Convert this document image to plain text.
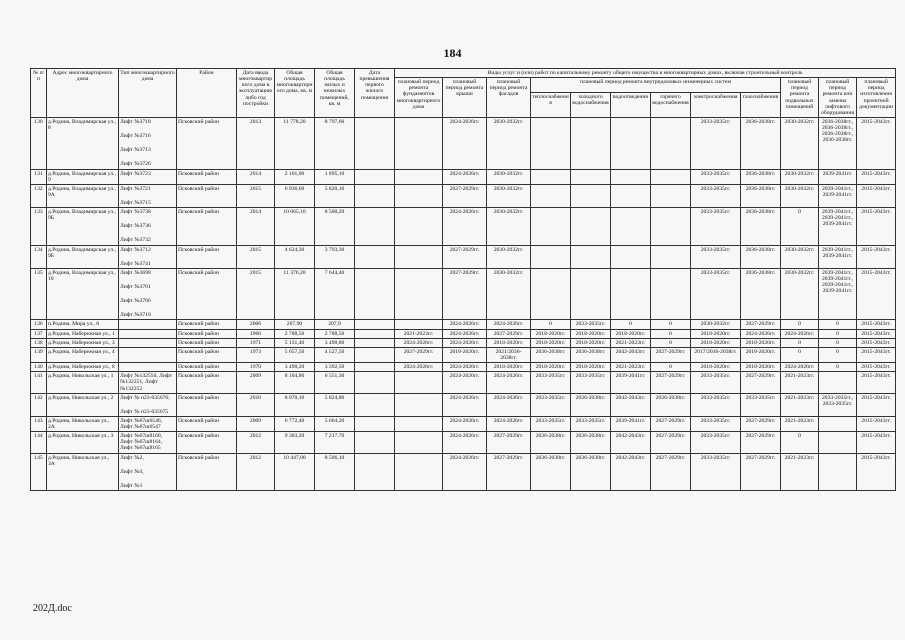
184
№ п/п	Адрес многоквартирного дома	Тип многоквартирного дома	Район	Дата ввода многоквартирного дома в эксплуатацию либо год постройки	Общая площадь многоквартирного дома, кв. м	Общая площадь жилых и нежилых помещений, кв. м	Дата превышения первого жилого помещения	Виды услуг и (или) работ по капитальному ремонту общего имущества в многоквартирных домах, включая строительный контроль											
								плановый период ремонта фундаментов многоквартирного дома	плановый период ремонта крыши	плановый период ремонта фасадов	плановый период ремонта внутридомовых инженерных систем						плановый период ремонта подвальных помещений	плановый период ремонта или замены лифтового оборудования	плановый период изготовления проектной документации
											теплоснабжения	холодного водоснабжения	водоотведения	горячего водоснабжения	электроснабжения	газоснабжения			
130	д.Родина, Владимирская ул., 8	Лифт №3718
Лифт №3716
Лифт №3713
Лифт №3726	Псковский район	2013	11 778,20	8 797,60			2024-2026гг.	2030-2032гг.					2033-2035гг.	2036-2038гг.	2030-2032гг.	2036-2038гг., 2036-2038гг., 2036-2038гг., 2036-2038гг.	2015-2043гг.
131	д.Родина, Владимирская ул., 9	Лифт №3723	Псковский район	2014	2 101,00	1 895,10			2024-2026гг.	2030-2032гг.					2033-2035гг.	2036-2038гг.	2030-2032гг.	2039-2041гг.	2015-2043гг.
132	д.Родина, Владимирская ул., 9А	Лифт №3721
Лифт №3715	Псковский район	2015	6 936,60	5 820,10			2027-2029гг.	2030-2032гг.					2033-2035гг.	2036-2038гг.	2030-2032гг.	2039-2041гг., 2039-2041гг.	2015-2043гг.
133	д.Родина, Владимирская ул., 9Б	Лифт №3738
Лифт №3736
Лифт №3732	Псковский район	2014	10 065,10	8 500,20			2024-2026гг.	2030-2032гг.					2033-2035гг.	2036-2038гг.	0	2039-2041гг., 2039-2041гг., 2039-2041гг.	2015-2043гг.
134	д.Родина, Владимирская ул., 9Б	Лифт №3712
Лифт №3741	Псковский район	2015	4 624,30	3 793,30			2027-2029гг.	2030-2032гг.					2033-2035гг.	2036-2038гг.	2030-2032гг.	2039-2041гг., 2039-2041гг.	2015-2043гг.
135	д.Родина, Владимирская ул., 10	Лифт №3698
Лифт №3701
Лифт №3706
Лифт №3710	Псковский район	2015	11 376,20	7 644,40			2027-2029гг.	2030-2032гг.					2033-2035гг.	2036-2038гг.	2030-2032гг.	2039-2041гг., 2039-2041гг., 2039-2041гг., 2039-2041гг.	2015-2043гг.
136	п.Родина, Мира ул., 8		Псковский район	2006	207,90	207,9			2024-2026гг.	2024-2026гг.	0	2033-2035гг.	0	0	2030-2032гг.	2027-2029гг.	0	0	2015-2043гг.
137	д.Родина, Набережная ул., 1		Псковский район	1966	2 788,50	2 788,50		2021-2023гг.	2024-2026гг.	2027-2029гг.	2018-2020гг.	2018-2020гг.	2018-2020гг.	0	2018-2020гг.	2024-2026гг.	2024-2026гг.	0	2015-2043гг.
138	д.Родина, Набережная ул., 3		Псковский район	1971	5 131,40	3 490,80		2024-2026гг.	2024-2026гг.	2018-2020гг.	2018-2020гг.	2018-2020гг.	2021-2023гг.	0	2018-2020гг.	2018-2020гг.	0	0	2015-2043гг.
139	д.Родина, Набережная ул., 4		Псковский район	1973	5 657,50	4 527,50		2027-2029гг.	2018-2020гг.	2021/2036-2038гг.	2036-2038гг.	2036-2038гг.	2042-2043гг.	2027-2029гг.	2017/2036-2038гг.	2018-2020гг.	0	0	2015-2043гг.
140	д.Родина, Набережная ул., 8		Псковский район	1970	3 490,20	3 392,50		2024-2026гг.	2024-2026гг.	2018-2020гг.	2018-2020гг.	2018-2020гг.	2021-2023гг.	0	2018-2020гг.	2018-2020гг.	2024-2026гг.	0	2015-2043гг.
141	д.Родина, Никольская ул., 1	Лифт №132550, Лифт №132251, Лифт №132252	Псковский район	2009	8 104,80	6 551,30			2024-2026гг.	2024-2026гг.	2033-2035гг.	2033-2035гг.	2039-2041гг.	2027-2029гг.	2033-2035гг.	2027-2029гг.	2021-2023гг.		2015-2043гг.
142	д.Родина, Никольская ул., 2	Лифт № п23-035676;
Лифт № п23-035675	Псковский район	2010	8 070,10	5 824,80			2024-2026гг.	2024-2026гг.	2033-2035гг.	2036-2038гг.	2042-2043гг.	2036-2038гг.	2033-2035гг.	2033-2035гг.	2021-2023гг.	2033-2035гг., 2033-2035гг.	2015-2043гг.
143	д.Родина, Никольская ул., 2А	Лифт №67ш6546, Лифт №67ш6547	Псковский район	2009	6 772,40	5 664,20			2024-2026гг.	2024-2026гг.	2033-2035гг.	2033-2035гг.	2039-2041гг.	2027-2029гг.	2033-2035гг.	2027-2029гг.	2021-2023гг.		2015-2043гг.
144	д.Родина, Никольская ул., 3	Лифт №67ш8160, Лифт №67ш8164, Лифт №67ш8165	Псковский район	2012	9 383,20	7 217,70			2024-2026гг.	2027-2029гг.	2036-2038гг.	2036-2038гг.	2042-2043гг.	2027-2029гг.	2033-2035гг.	2027-2029гг.	0		2015-2043гг.
145	д.Родина, Никольская ул., 3А	Лифт №2,
Лифт №3,
Лифт №1	Псковский район	2012	10 447,00	8 506,10			2024-2026гг.	2027-2029гг.	2036-2038гг.	2036-2038гг.	2042-2043гг.	2027-2029гг.	2033-2035гг.	2027-2029гг.	2021-2023гг.		2015-2043гг.
202Д.doc
